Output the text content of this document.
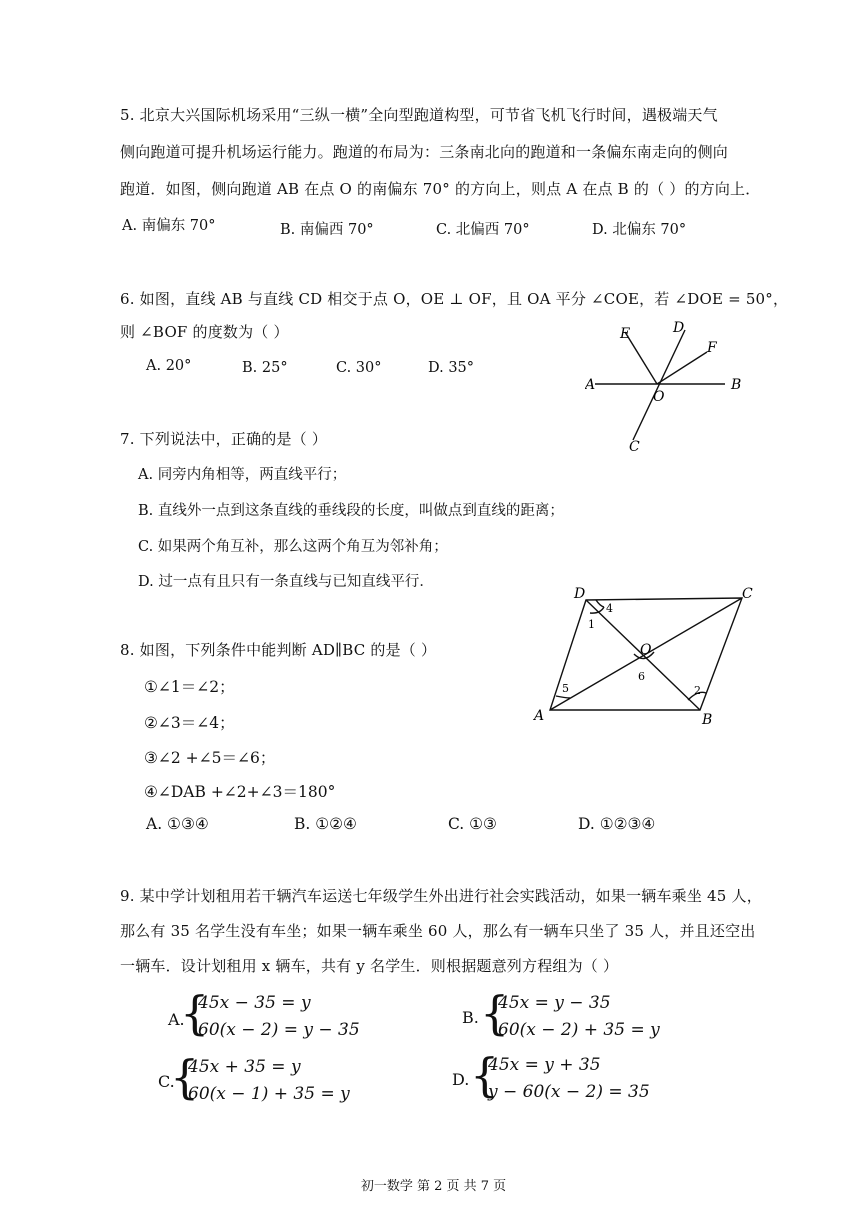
5. 北京大兴国际机场采用“三纵一横”全向型跑道构型，可节省飞机飞行时间，遇极端天气
侧向跑道可提升机场运行能力。跑道的布局为：三条南北向的跑道和一条偏东南走向的侧向
跑道．如图，侧向跑道 AB 在点 O 的南偏东 70° 的方向上，则点 A 在点 B 的（ ）的方向上．
A. 南偏东 70°	B. 南偏西 70°	C. 北偏西 70°	D. 北偏东 70°
6. 如图，直线 AB 与直线 CD 相交于点 O，OE ⊥ OF，且 OA 平分 ∠COE，若 ∠DOE = 50°，
则 ∠BOF 的度数为（ ）
A. 20°	B. 25°	C. 30°	D. 35°
E	D
F
A
O
B
C
7. 下列说法中，正确的是（ ）
A. 同旁内角相等，两直线平行；
B. 直线外一点到这条直线的垂线段的长度，叫做点到直线的距离；
C. 如果两个角互补，那么这两个角互为邻补角；
D. 过一点有且只有一条直线与已知直线平行．
8. 如图，下列条件中能判断 AD∥BC 的是（ ）
①∠1＝∠2；
②∠3＝∠4；
③∠2 +∠5＝∠6；
④∠DAB +∠2+∠3＝180°
A. ①③④	B. ①②④	C. ①③	D. ①②③④
D	C
A	B
O
1
4
5
6
2
9. 某中学计划租用若干辆汽车运送七年级学生外出进行社会实践活动，如果一辆车乘坐 45 人，
那么有 35 名学生没有车坐；如果一辆车乘坐 60 人，那么有一辆车只坐了 35 人，并且还空出
一辆车．设计划租用 x 辆车，共有 y 名学生．则根据题意列方程组为（ ）
A.
{
45x − 35 = y
60(x − 2) = y − 35
B. {
45x = y − 35
60(x − 2) + 35 = y
C.
{
45x + 35 = y
60(x − 1) + 35 = y
D. {
45x = y + 35
y − 60(x − 2) = 35
初一数学 第 2 页 共 7 页
